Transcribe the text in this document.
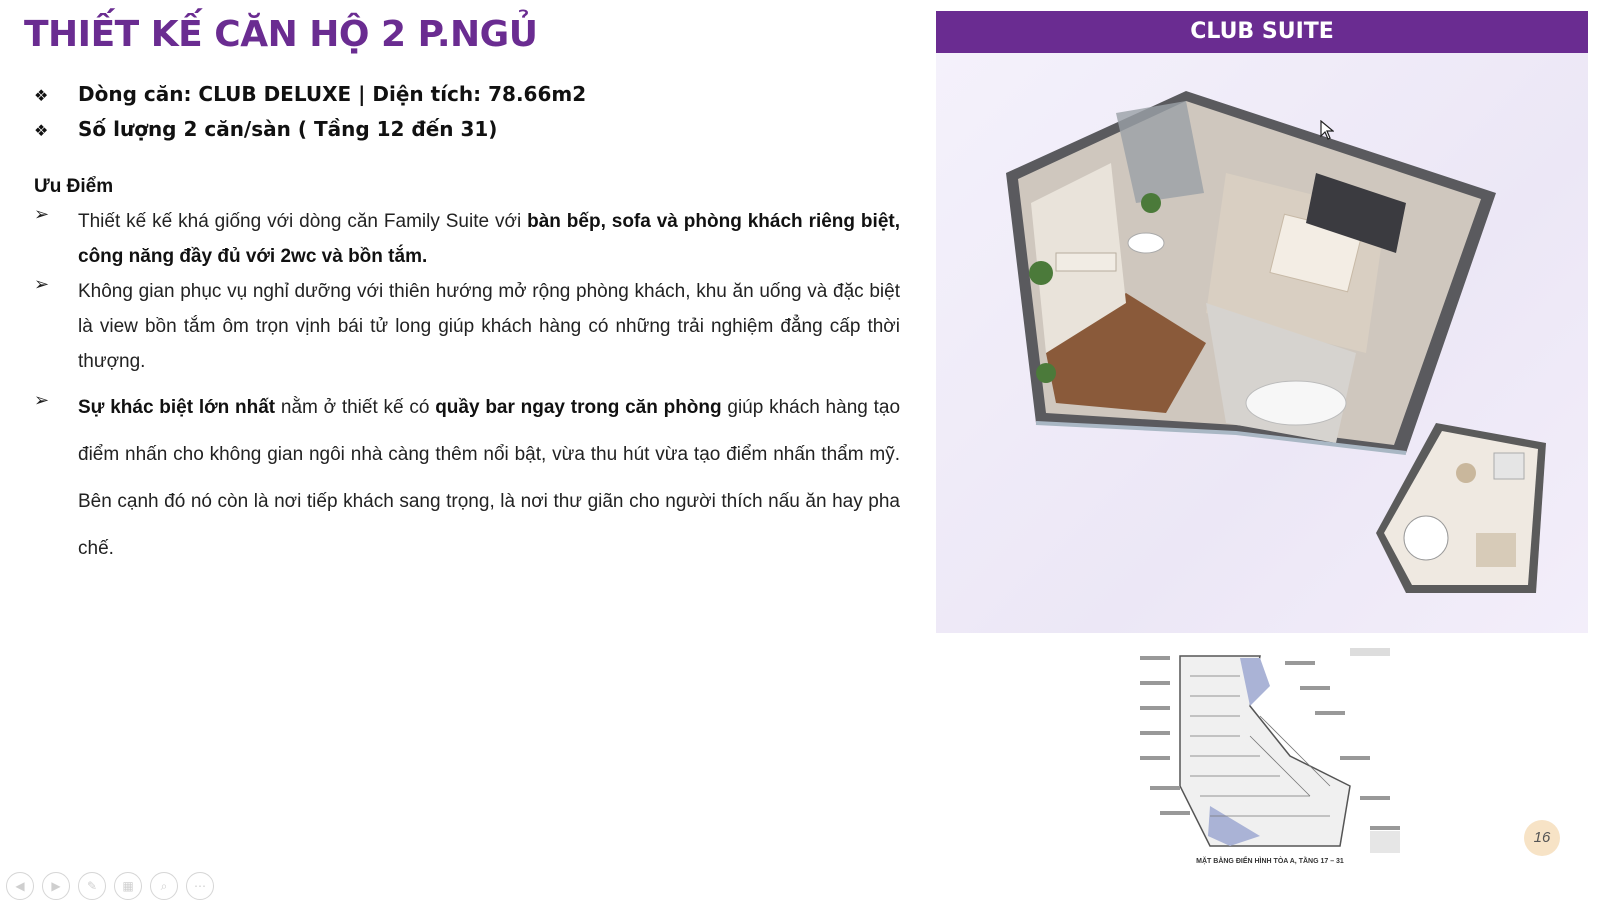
THIẾT KẾ CĂN HỘ 2 P.NGỦ
❖ Dòng căn: CLUB DELUXE | Diện tích: 78.66m2
❖ Số lượng 2 căn/sàn ( Tầng 12 đến 31)
Ưu Điểm
➢ Thiết kế kế khá giống với dòng căn Family Suite với bàn bếp, sofa và phòng khách riêng biệt, công năng đầy đủ với 2wc và bồn tắm.
➢ Không gian phục vụ nghỉ dưỡng với thiên hướng mở rộng phòng khách, khu ăn uống và đặc biệt là view bồn tắm ôm trọn vịnh bái tử long giúp khách hàng có những trải nghiệm đẳng cấp thời thượng.
➢ Sự khác biệt lớn nhất nằm ở thiết kế có quầy bar ngay trong căn phòng giúp khách hàng tạo điểm nhấn cho không gian ngôi nhà càng thêm nổi bật, vừa thu hút vừa tạo điểm nhấn thẩm mỹ. Bên cạnh đó nó còn là nơi tiếp khách sang trọng, là nơi thư giãn cho người thích nấu ăn hay pha chế.
CLUB SUITE
MẶT BẰNG ĐIỂN HÌNH TÒA A, TẦNG 17 – 31
16
◀	▶	✎	▦	⌕	⋯
